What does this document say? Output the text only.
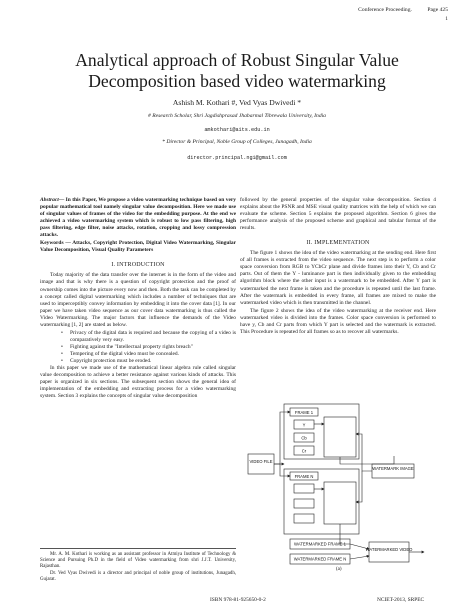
Conference Proceeding.	Page 425
1
Analytical approach of Robust Singular Value
Decomposition based video watermarking
Ashish M. Kothari #, Ved Vyas Dwivedi *
# Research Scholar, Shri Jagdishprasad Jhabarmal Tibrewala University, India
amkothari@aits.edu.in
* Director & Principal, Noble Group of Colleges, Junagadh, India
director.principal.ngi@gmail.com

Abstract— In this Paper, We propose a video watermarking technique based on very popular mathematical tool namely singular value decomposition. Here we made use of singular values of frames of the video for the embedding purpose. At the end we achieved a video watermarking system which is robust to low pass filtering, high pass filtering, edge filter, noise attacks, rotation, cropping and lossy compression attacks.

Keywords — Attacks, Copyright Protection, Digital Video Watermarking, Singular Value Decomposition, Visual Quality Parameters

I. INTRODUCTION

Today majority of the data transfer over the internet is in the form of the video and image and that is why there is a question of copyright protection and the proof of ownership comes into the picture every now and then. Both the task can be completed by a concept called digital watermarking which includes a number of techniques that are used to imperceptibly convey information by embedding it into the cover data [1]. In our paper we have taken video sequence as our cover data watermarking is thus called the Video Watermarking. The major factors that influence the demands of the Video watermarking [1, 2] are stated as below.

• Privacy of the digital data is required and because the copying of a video is comparatively very easy.
• Fighting against the "Intellectual property rights breach"
• Tempering of the digital video must be concealed.
• Copyright protection must be eroded.

In this paper we made use of the mathematical linear algebra rule called singular value decomposition to achieve a better resistance against various kinds of attacks. This paper is organized in six sections. The subsequent section shows the general idea of implementation of the embedding and extracting process for a video watermarking system. Section 3 explains the concepts of singular value decomposition

Mr. A. M. Kothari is working as an assistant professor in Atmiya Institute of Technology & Science and Pursuing Ph.D in the field of Video watermarking from shri J.J.T. University, Rajasthan.

Dr. Ved Vyas Dwivedi is a director and principal of noble group of institutions, Junagadh, Gujarat.

followed by the general properties of the singular value decomposition. Section 4 explains about the PSNR and MSE visual quality matrices with the help of which we can evaluate the scheme. Section 5 explains the proposed algorithm. Section 6 gives the performance analysis of the proposed scheme and graphical and tabular format of the results.

II. IMPLEMENTATION

The figure 1 shows the idea of the video watermarking at the sending end. Here first of all frames is extracted from the video sequence. The next step is to perform a color space conversion from RGB to YCbCr plane and divide frames into their Y, Cb and Cr parts. Out of them the Y - luminance part is then individually given to the embedding algorithm block where the other input is a watermark to be embedded. After Y part is watermarked the next frame is taken and the procedure is repeated until the last frame. After the watermark is embedded in every frame, all frames are mixed to make the watermarked video which is then transmitted in the channel.

The figure 2 shows the idea of the video watermarking at the receiver end. Here watermarked video is divided into the frames. Color space conversion is performed to have y, Cb and Cr parts from which Y part is selected and the watermark is extracted. This Procedure is repeated for all frames so as to recover all watermarks.

VIDEO FILE
FRAME 1
FRAME N
Y
Cb
Cr
WATERMARK IMAGE
WATERMARKED FRAME 1
WATERMARKED FRAME N
WATERMARKED VIDEO
(a)
ISBN 978-81-925650-0-2	NCIET-2013, SRPEC
